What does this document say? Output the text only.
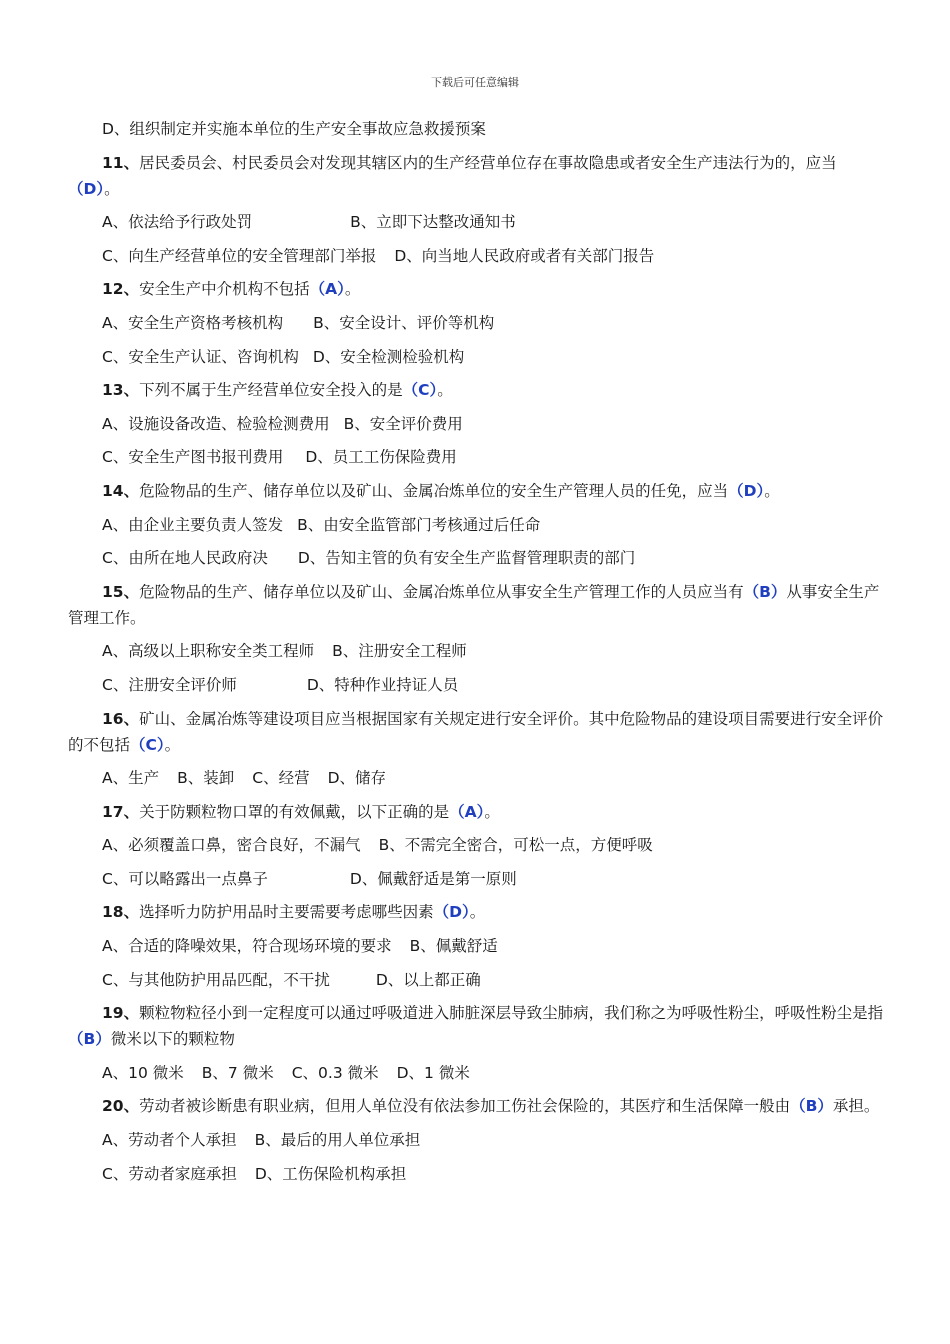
下载后可任意编辑
D、组织制定并实施本单位的生产安全事故应急救援预案
11、居民委员会、村民委员会对发现其辖区内的生产经营单位存在事故隐患或者安全生产违法行为的，应当（D）。
A、依法给予行政处罚	B、立即下达整改通知书
C、向生产经营单位的安全管理部门举报 D、向当地人民政府或者有关部门报告
12、安全生产中介机构不包括（A）。
A、安全生产资格考核机构 B、安全设计、评价等机构
C、安全生产认证、咨询机构 D、安全检测检验机构
13、下列不属于生产经营单位安全投入的是（C）。
A、设施设备改造、检验检测费用 B、安全评价费用
C、安全生产图书报刊费用 D、员工工伤保险费用
14、危险物品的生产、储存单位以及矿山、金属冶炼单位的安全生产管理人员的任免，应当（D）。
A、由企业主要负责人签发 B、由安全监管部门考核通过后任命
C、由所在地人民政府决 D、告知主管的负有安全生产监督管理职责的部门
15、危险物品的生产、储存单位以及矿山、金属冶炼单位从事安全生产管理工作的人员应当有（B）从事安全生产管理工作。
A、高级以上职称安全类工程师 B、注册安全工程师
C、注册安全评价师	D、特种作业持证人员
16、矿山、金属冶炼等建设项目应当根据国家有关规定进行安全评价。其中危险物品的建设项目需要进行安全评价的不包括（C）。
A、生产 B、装卸 C、经营 D、储存
17、关于防颗粒物口罩的有效佩戴，以下正确的是（A）。
A、必须覆盖口鼻，密合良好，不漏气 B、不需完全密合，可松一点，方便呼吸
C、可以略露出一点鼻子	D、佩戴舒适是第一原则
18、选择听力防护用品时主要需要考虑哪些因素（D）。
A、合适的降噪效果，符合现场环境的要求 B、佩戴舒适
C、与其他防护用品匹配，不干扰	D、以上都正确
19、颗粒物粒径小到一定程度可以通过呼吸道进入肺脏深层导致尘肺病，我们称之为呼吸性粉尘，呼吸性粉尘是指（B）微米以下的颗粒物
A、10 微米 B、7 微米 C、0.3 微米 D、1 微米
20、劳动者被诊断患有职业病，但用人单位没有依法参加工伤社会保险的，其医疗和生活保障一般由（B）承担。
A、劳动者个人承担 B、最后的用人单位承担
C、劳动者家庭承担 D、工伤保险机构承担
